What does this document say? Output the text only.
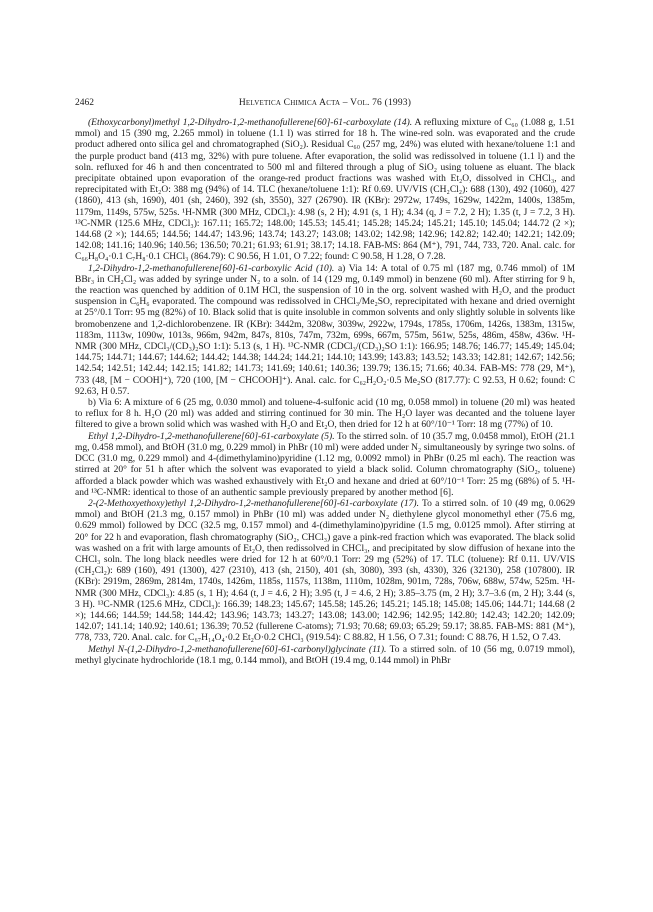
2462	Helvetica Chimica Acta – Vol. 76 (1993)

(Ethoxycarbonyl)methyl 1,2-Dihydro-1,2-methanofullerene[60]-61-carboxylate (14). A refluxing mixture of C₆₀ (1.088 g, 1.51 mmol) and 15 (390 mg, 2.265 mmol) in toluene (1.1 l) was stirred for 18 h. The wine-red soln. was evaporated and the crude product adhered onto silica gel and chromatographed (SiO₂). Residual C₆₀ (257 mg, 24%) was eluted with hexane/toluene 1:1 and the purple product band (413 mg, 32%) with pure toluene. After evaporation, the solid was redissolved in toluene (1.1 l) and the soln. refluxed for 46 h and then concentrated to 500 ml and filtered through a plug of SiO₂ using toluene as eluant. The black precipitate obtained upon evaporation of the orange-red product fractions was washed with Et₂O, dissolved in CHCl₃, and reprecipitated with Et₂O: 388 mg (94%) of 14. TLC (hexane/toluene 1:1): Rf 0.69. UV/VIS (CH₂Cl₂): 688 (130), 492 (1060), 427 (1860), 413 (sh, 1690), 401 (sh, 2460), 392 (sh, 3550), 327 (26790). IR (KBr): 2972w, 1749s, 1629w, 1422m, 1400s, 1385m, 1179m, 1149s, 575w, 525s. ¹H-NMR (300 MHz, CDCl₃): 4.98 (s, 2 H); 4.91 (s, 1 H); 4.34 (q, J = 7.2, 2 H); 1.35 (t, J = 7.2, 3 H). ¹³C-NMR (125.6 MHz, CDCl₃): 167.11; 165.72; 148.00; 145.53; 145.41; 145.28; 145.24; 145.21; 145.10; 145.04; 144.72 (2 ×); 144.68 (2 ×); 144.65; 144.56; 144.47; 143.96; 143.74; 143.27; 143.08; 143.02; 142.98; 142.96; 142.82; 142.40; 142.21; 142.09; 142.08; 141.16; 140.96; 140.56; 136.50; 70.21; 61.93; 61.91; 38.17; 14.18. FAB-MS: 864 (M⁺), 791, 744, 733, 720. Anal. calc. for C₆₆H₈O₄·0.1 C₇H₈·0.1 CHCl₃ (864.79): C 90.56, H 1.01, O 7.22; found: C 90.58, H 1.28, O 7.28.

1,2-Dihydro-1,2-methanofullerene[60]-61-carboxylic Acid (10). a) Via 14: A total of 0.75 ml (187 mg, 0.746 mmol) of 1M BBr₃ in CH₂Cl₂ was added by syringe under N₂ to a soln. of 14 (129 mg, 0.149 mmol) in benzene (60 ml). After stirring for 9 h, the reaction was quenched by addition of 0.1M HCl, the suspension of 10 in the org. solvent washed with H₂O, and the product suspension in C₆H₆ evaporated. The compound was redissolved in CHCl₃/Me₂SO, reprecipitated with hexane and dried overnight at 25°/0.1 Torr: 95 mg (82%) of 10. Black solid that is quite insoluble in common solvents and only slightly soluble in solvents like bromobenzene and 1,2-dichlorobenzene. IR (KBr): 3442m, 3208w, 3039w, 2922w, 1794s, 1785s, 1706m, 1426s, 1383m, 1315w, 1183m, 1113w, 1090w, 1013s, 966m, 942m, 847s, 810s, 747m, 732m, 699s, 667m, 575m, 561w, 525s, 486m, 458w, 436w. ¹H-NMR (300 MHz, CDCl₃/(CD₃)₂SO 1:1): 5.13 (s, 1 H). ¹³C-NMR (CDCl₃/(CD₃)₂SO 1:1): 166.95; 148.76; 146.77; 145.49; 145.04; 144.75; 144.71; 144.67; 144.62; 144.42; 144.38; 144.24; 144.21; 144.10; 143.99; 143.83; 143.52; 143.33; 142.81; 142.67; 142.56; 142.54; 142.51; 142.44; 142.15; 141.82; 141.73; 141.69; 140.61; 140.36; 139.79; 136.15; 71.66; 40.34. FAB-MS: 778 (29, M⁺), 733 (48, [M − COOH]⁺), 720 (100, [M − CHCOOH]⁺). Anal. calc. for C₆₂H₂O₂·0.5 Me₂SO (817.77): C 92.53, H 0.62; found: C 92.63, H 0.57.

b) Via 6: A mixture of 6 (25 mg, 0.030 mmol) and toluene-4-sulfonic acid (10 mg, 0.058 mmol) in toluene (20 ml) was heated to reflux for 8 h. H₂O (20 ml) was added and stirring continued for 30 min. The H₂O layer was decanted and the toluene layer filtered to give a brown solid which was washed with H₂O and Et₂O, then dried for 12 h at 60°/10⁻¹ Torr: 18 mg (77%) of 10.

Ethyl 1,2-Dihydro-1,2-methanofullerene[60]-61-carboxylate (5). To the stirred soln. of 10 (35.7 mg, 0.0458 mmol), EtOH (21.1 mg, 0.458 mmol), and BtOH (31.0 mg, 0.229 mmol) in PhBr (10 ml) were added under N₂ simultaneously by syringe two solns. of DCC (31.0 mg, 0.229 mmol) and 4-(dimethylamino)pyridine (1.12 mg, 0.0092 mmol) in PhBr (0.25 ml each). The reaction was stirred at 20° for 51 h after which the solvent was evaporated to yield a black solid. Column chromatography (SiO₂, toluene) afforded a black powder which was washed exhaustively with Et₂O and hexane and dried at 60°/10⁻¹ Torr: 25 mg (68%) of 5. ¹H- and ¹³C-NMR: identical to those of an authentic sample previously prepared by another method [6].

2-(2-Methoxyethoxy)ethyl 1,2-Dihydro-1,2-methanofullerene[60]-61-carboxylate (17). To a stirred soln. of 10 (49 mg, 0.0629 mmol) and BtOH (21.3 mg, 0.157 mmol) in PhBr (10 ml) was added under N₂ diethylene glycol monomethyl ether (75.6 mg, 0.629 mmol) followed by DCC (32.5 mg, 0.157 mmol) and 4-(dimethylamino)pyridine (1.5 mg, 0.0125 mmol). After stirring at 20° for 22 h and evaporation, flash chromatography (SiO₂, CHCl₃) gave a pink-red fraction which was evaporated. The black solid was washed on a frit with large amounts of Et₂O, then redissolved in CHCl₃, and precipitated by slow diffusion of hexane into the CHCl₃ soln. The long black needles were dried for 12 h at 60°/0.1 Torr: 29 mg (52%) of 17. TLC (toluene): Rf 0.11. UV/VIS (CH₂Cl₂): 689 (160), 491 (1300), 427 (2310), 413 (sh, 2150), 401 (sh, 3080), 393 (sh, 4330), 326 (32130), 258 (107800). IR (KBr): 2919m, 2869m, 2814m, 1740s, 1426m, 1185s, 1157s, 1138m, 1110m, 1028m, 901m, 728s, 706w, 688w, 574w, 525m. ¹H-NMR (300 MHz, CDCl₃): 4.85 (s, 1 H); 4.64 (t, J = 4.6, 2 H); 3.95 (t, J = 4.6, 2 H); 3.85–3.75 (m, 2 H); 3.7–3.6 (m, 2 H); 3.44 (s, 3 H). ¹³C-NMR (125.6 MHz, CDCl₃): 166.39; 148.23; 145.67; 145.58; 145.26; 145.21; 145.18; 145.08; 145.06; 144.71; 144.68 (2 ×); 144.66; 144.59; 144.58; 144.42; 143.96; 143.73; 143.27; 143.08; 143.00; 142.96; 142.95; 142.80; 142.43; 142.20; 142.09; 142.07; 141.14; 140.92; 140.61; 136.39; 70.52 (fullerene C-atoms); 71.93; 70.68; 69.03; 65.29; 59.17; 38.85. FAB-MS: 881 (M⁺), 778, 733, 720. Anal. calc. for C₆₇H₁₄O₄·0.2 Et₂O·0.2 CHCl₃ (919.54): C 88.82, H 1.56, O 7.31; found: C 88.76, H 1.52, O 7.43.

Methyl N-(1,2-Dihydro-1,2-methanofullerene[60]-61-carbonyl)glycinate (11). To a stirred soln. of 10 (56 mg, 0.0719 mmol), methyl glycinate hydrochloride (18.1 mg, 0.144 mmol), and BtOH (19.4 mg, 0.144 mmol) in PhBr
